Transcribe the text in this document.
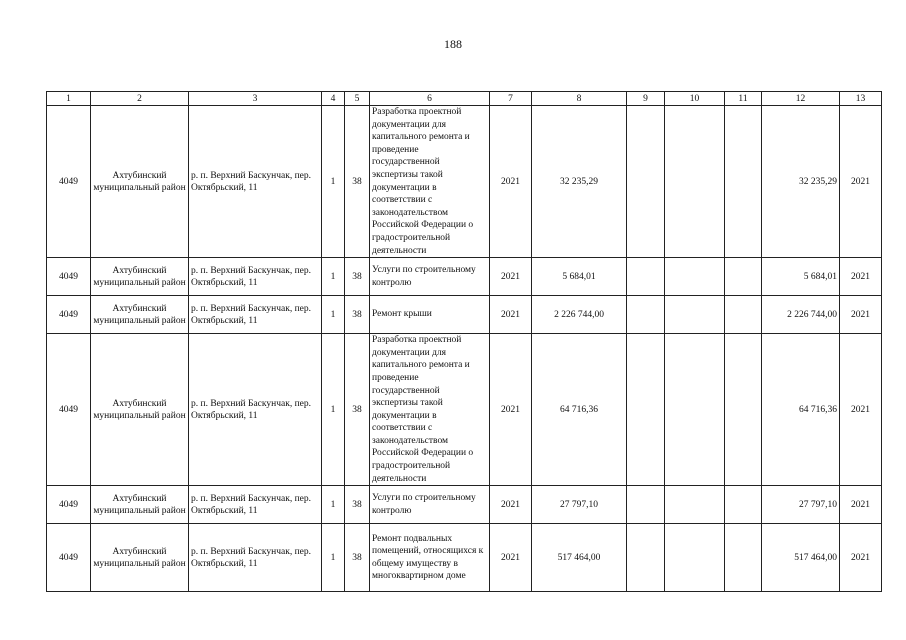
188
1	2	3	4	5	6	7	8	9	10	11	12	13
4049	Ахтубинский муниципальный район	р. п. Верхний Баскунчак, пер. Октябрьский, 11	1	38	Разработка проектной документации для капитального ремонта и проведение государственной экспертизы такой документации в соответствии с законодательством Российской Федерации о градостроительной деятельности	2021	32 235,29				32 235,29	2021
4049	Ахтубинский муниципальный район	р. п. Верхний Баскунчак, пер. Октябрьский, 11	1	38	Услуги по строительному контролю	2021	5 684,01				5 684,01	2021
4049	Ахтубинский муниципальный район	р. п. Верхний Баскунчак, пер. Октябрьский, 11	1	38	Ремонт крыши	2021	2 226 744,00				2 226 744,00	2021
4049	Ахтубинский муниципальный район	р. п. Верхний Баскунчак, пер. Октябрьский, 11	1	38	Разработка проектной документации для капитального ремонта и проведение государственной экспертизы такой документации в соответствии с законодательством Российской Федерации о градостроительной деятельности	2021	64 716,36				64 716,36	2021
4049	Ахтубинский муниципальный район	р. п. Верхний Баскунчак, пер. Октябрьский, 11	1	38	Услуги по строительному контролю	2021	27 797,10				27 797,10	2021
4049	Ахтубинский муниципальный район	р. п. Верхний Баскунчак, пер. Октябрьский, 11	1	38	Ремонт подвальных помещений, относящихся к общему имуществу в многоквартирном доме	2021	517 464,00				517 464,00	2021
